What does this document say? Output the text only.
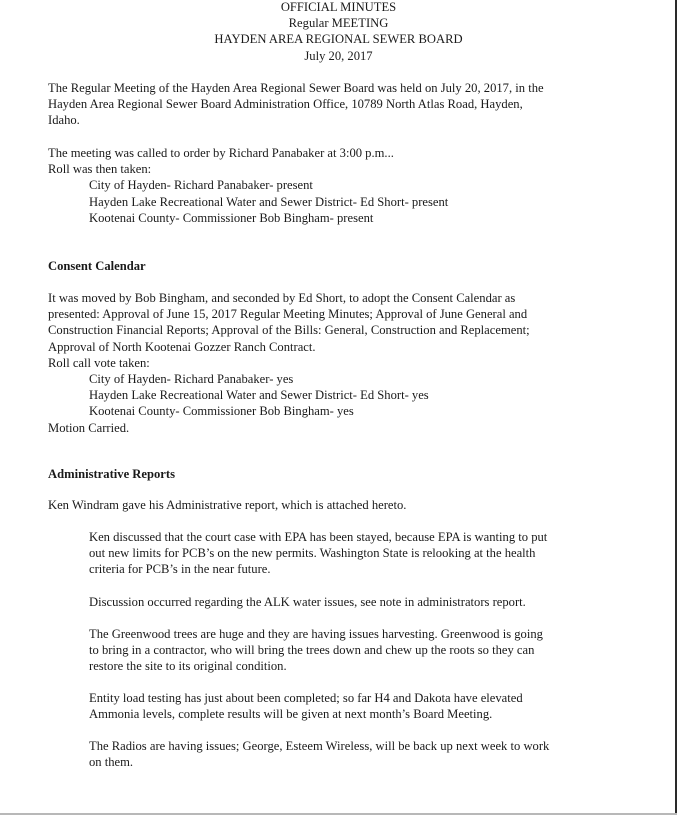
OFFICIAL MINUTES
Regular MEETING
HAYDEN AREA REGIONAL SEWER BOARD
July 20, 2017
The Regular Meeting of the Hayden Area Regional Sewer Board was held on July 20, 2017, in the
Hayden Area Regional Sewer Board Administration Office, 10789 North Atlas Road, Hayden,
Idaho.
The meeting was called to order by Richard Panabaker at 3:00 p.m...
Roll was then taken:
City of Hayden- Richard Panabaker- present
Hayden Lake Recreational Water and Sewer District- Ed Short- present
Kootenai County- Commissioner Bob Bingham- present
Consent Calendar
It was moved by Bob Bingham, and seconded by Ed Short, to adopt the Consent Calendar as
presented: Approval of June 15, 2017 Regular Meeting Minutes; Approval of June General and
Construction Financial Reports; Approval of the Bills: General, Construction and Replacement;
Approval of North Kootenai Gozzer Ranch Contract.
Roll call vote taken:
City of Hayden- Richard Panabaker- yes
Hayden Lake Recreational Water and Sewer District- Ed Short- yes
Kootenai County- Commissioner Bob Bingham- yes
Motion Carried.
Administrative Reports
Ken Windram gave his Administrative report, which is attached hereto.
Ken discussed that the court case with EPA has been stayed, because EPA is wanting to put
out new limits for PCB’s on the new permits. Washington State is relooking at the health
criteria for PCB’s in the near future.
Discussion occurred regarding the ALK water issues, see note in administrators report.
The Greenwood trees are huge and they are having issues harvesting. Greenwood is going
to bring in a contractor, who will bring the trees down and chew up the roots so they can
restore the site to its original condition.
Entity load testing has just about been completed; so far H4 and Dakota have elevated
Ammonia levels, complete results will be given at next month’s Board Meeting.
The Radios are having issues; George, Esteem Wireless, will be back up next week to work
on them.
